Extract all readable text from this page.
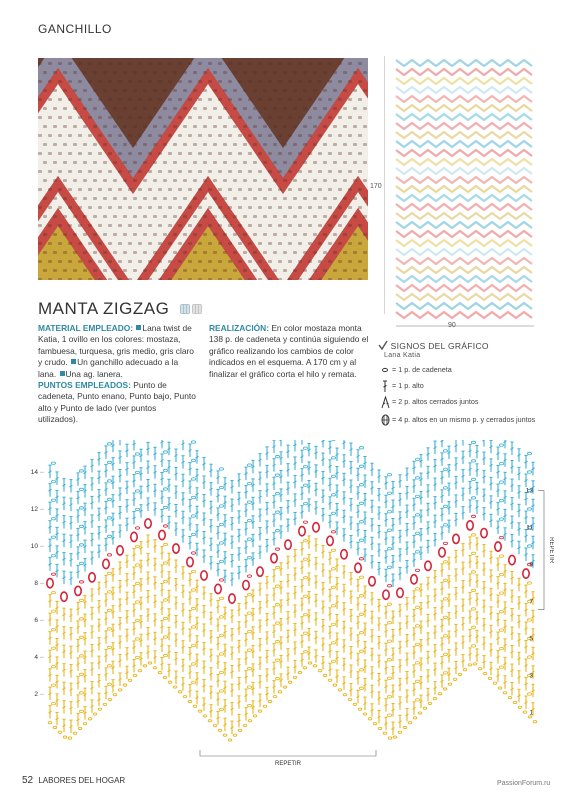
GANCHILLO
170
90
MANTA ZIGZAG
MATERIAL EMPLEADO: Lana twist de Katia, 1 ovillo en los colores: mostaza, fambuesa, turquesa, gris medio, gris claro y crudo. Un ganchillo adecuado a la lana. Una ag. lanera.
PUNTOS EMPLEADOS: Punto de cadeneta, Punto enano, Punto bajo, Punto alto y Punto de lado (ver puntos utilizados).
REALIZACIÓN: En color mostaza monta 138 p. de cadeneta y continúa siguiendo el gráfico realizando los cambios de color indicados en el esquema. A 170 cm y al finalizar el gráfico corta el hilo y remata.
SIGNOS DEL GRÁFICO
Lana Katia
= 1 p. de cadeneta
= 1 p. alto
= 2 p. altos cerrados juntos
= 4 p. altos en un mismo p. y cerrados juntos
14
12
10
8
6
4
2
13
11
9
7
5
3
1
REPETIR
REPETIR
52 LABORES DEL HOGAR	PassionForum.ru
